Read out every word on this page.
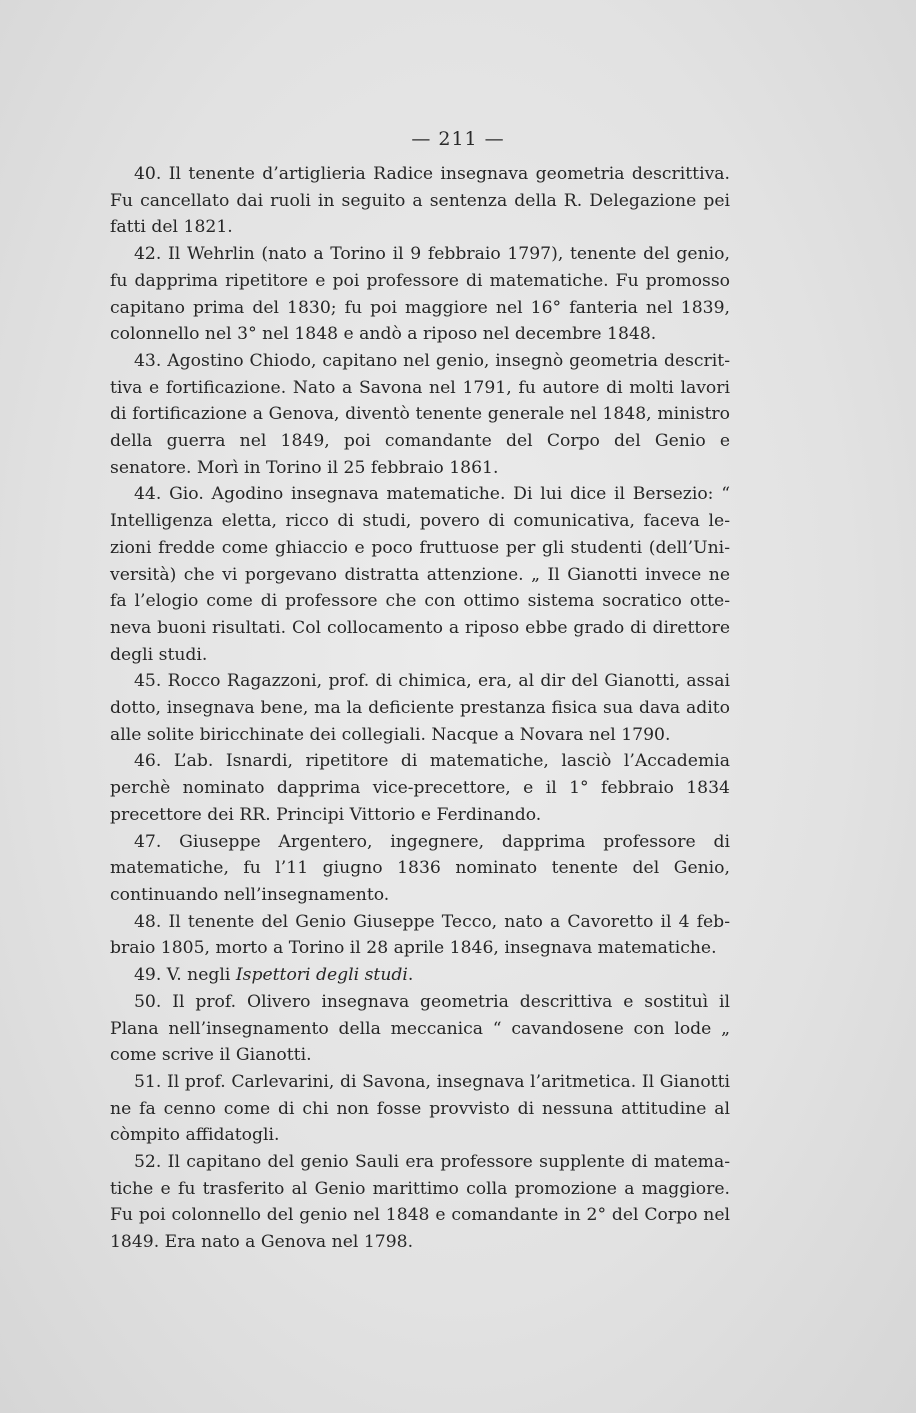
— 211 —

40. Il tenente d’artiglieria Radice insegnava geometria descrittiva. Fu cancellato dai ruoli in seguito a sentenza della R. Delegazione pei fatti del 1821.

42. Il Wehrlin (nato a Torino il 9 febbraio 1797), tenente del genio, fu dapprima ripetitore e poi professore di matematiche. Fu promosso capitano prima del 1830; fu poi maggiore nel 16° fanteria nel 1839, colonnello nel 3° nel 1848 e andò a riposo nel decembre 1848.

43. Agostino Chiodo, capitano nel genio, insegnò geometria descrittiva e fortificazione. Nato a Savona nel 1791, fu autore di molti lavori di fortificazione a Genova, diventò tenente generale nel 1848, ministro della guerra nel 1849, poi comandante del Corpo del Genio e senatore. Morì in Torino il 25 febbraio 1861.

44. Gio. Agodino insegnava matematiche. Di lui dice il Bersezio: “ Intelligenza eletta, ricco di studi, povero di comunicativa, faceva lezioni fredde come ghiaccio e poco fruttuose per gli studenti (dell’Università) che vi porgevano distratta attenzione. „ Il Gianotti invece ne fa l’elogio come di professore che con ottimo sistema socratico otteneva buoni risultati. Col collocamento a riposo ebbe grado di direttore degli studi.

45. Rocco Ragazzoni, prof. di chimica, era, al dir del Gianotti, assai dotto, insegnava bene, ma la deficiente prestanza fisica sua dava adito alle solite biricchinate dei collegiali. Nacque a Novara nel 1790.

46. L’ab. Isnardi, ripetitore di matematiche, lasciò l’Accademia perchè nominato dapprima vice-precettore, e il 1° febbraio 1834 precettore dei RR. Principi Vittorio e Ferdinando.

47. Giuseppe Argentero, ingegnere, dapprima professore di matematiche, fu l’11 giugno 1836 nominato tenente del Genio, continuando nell’insegnamento.

48. Il tenente del Genio Giuseppe Tecco, nato a Cavoretto il 4 febbraio 1805, morto a Torino il 28 aprile 1846, insegnava matematiche.

49. V. negli Ispettori degli studi.

50. Il prof. Olivero insegnava geometria descrittiva e sostituì il Plana nell’insegnamento della meccanica “ cavandosene con lode „ come scrive il Gianotti.

51. Il prof. Carlevarini, di Savona, insegnava l’aritmetica. Il Gianotti ne fa cenno come di chi non fosse provvisto di nessuna attitudine al còmpito affidatogli.

52. Il capitano del genio Sauli era professore supplente di matematiche e fu trasferito al Genio marittimo colla promozione a maggiore. Fu poi colonnello del genio nel 1848 e comandante in 2° del Corpo nel 1849. Era nato a Genova nel 1798.
